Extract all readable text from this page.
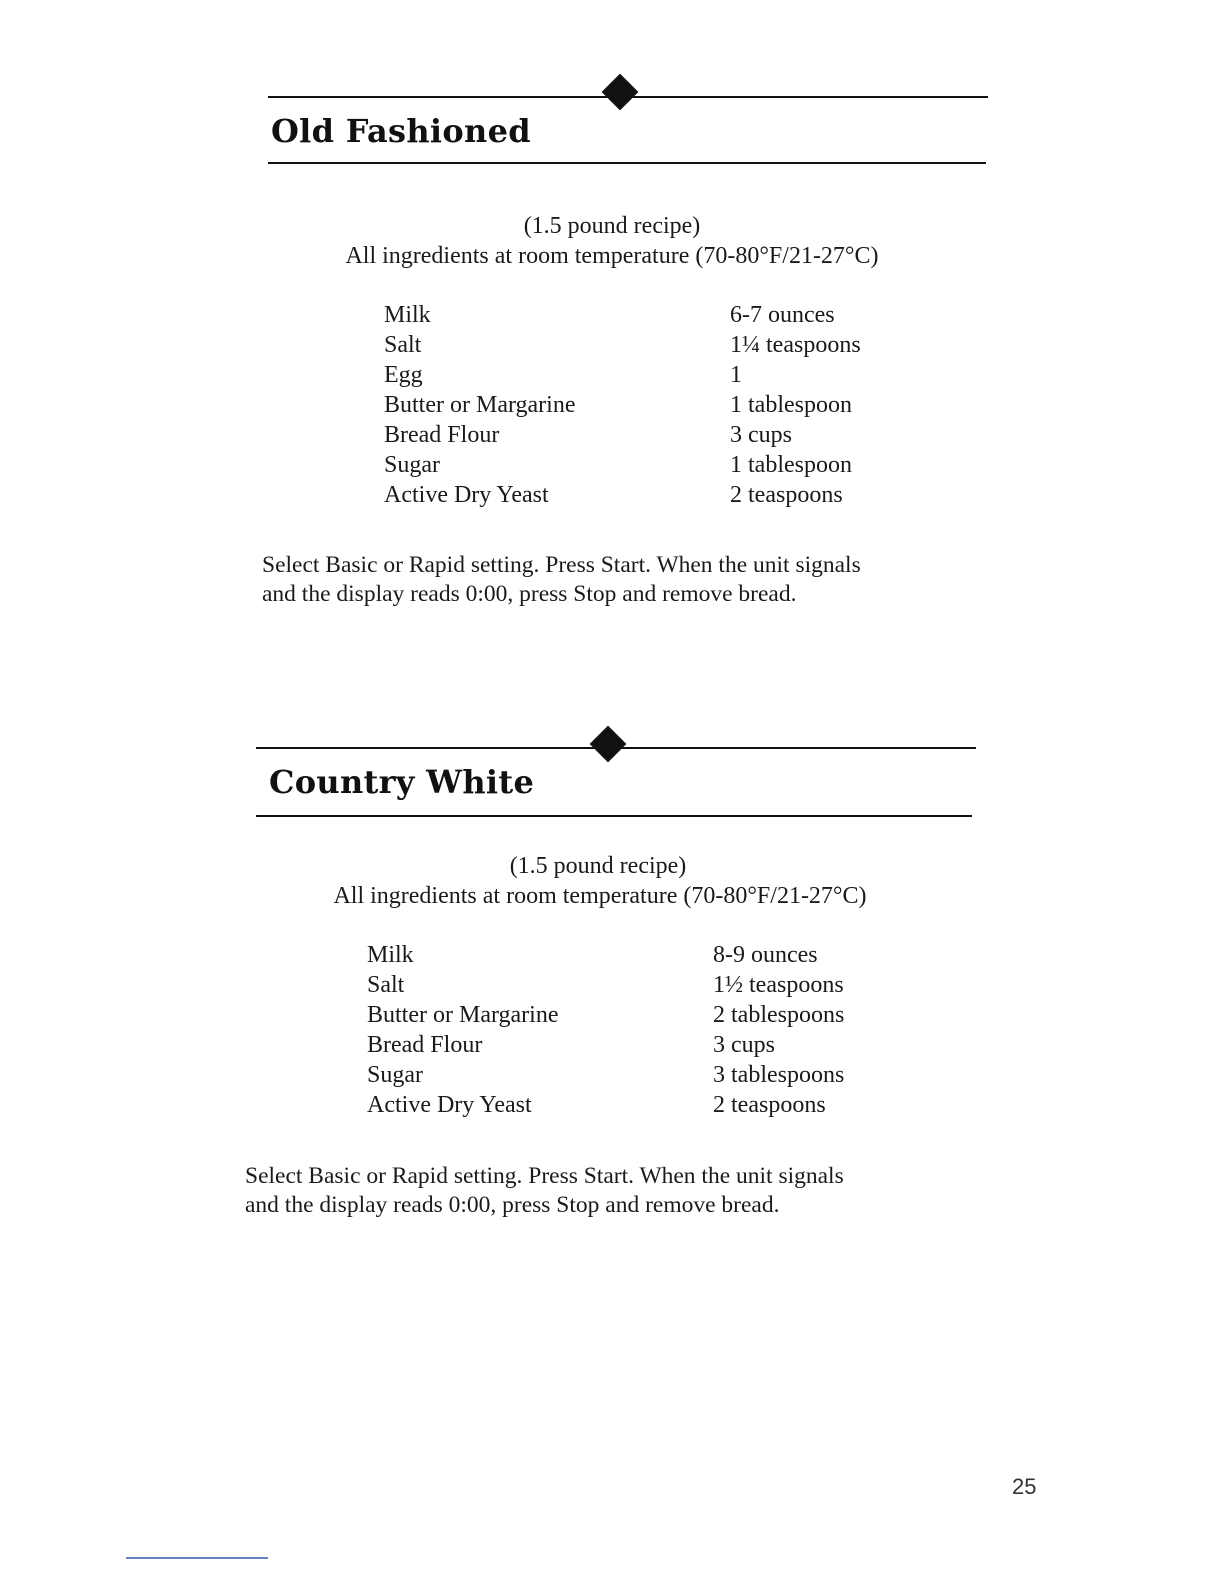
Old Fashioned
(1.5 pound recipe)
All ingredients at room temperature (70-80°F/21-27°C)
Milk	6-7 ounces
Salt	1¼ teaspoons
Egg	1
Butter or Margarine	1 tablespoon
Bread Flour	3 cups
Sugar	1 tablespoon
Active Dry Yeast	2 teaspoons
Select Basic or Rapid setting. Press Start. When the unit signals
and the display reads 0:00, press Stop and remove bread.
Country White
(1.5 pound recipe)
All ingredients at room temperature (70-80°F/21-27°C)
Milk	8-9 ounces
Salt	1½ teaspoons
Butter or Margarine	2 tablespoons
Bread Flour	3 cups
Sugar	3 tablespoons
Active Dry Yeast	2 teaspoons
Select Basic or Rapid setting. Press Start. When the unit signals
and the display reads 0:00, press Stop and remove bread.
25
